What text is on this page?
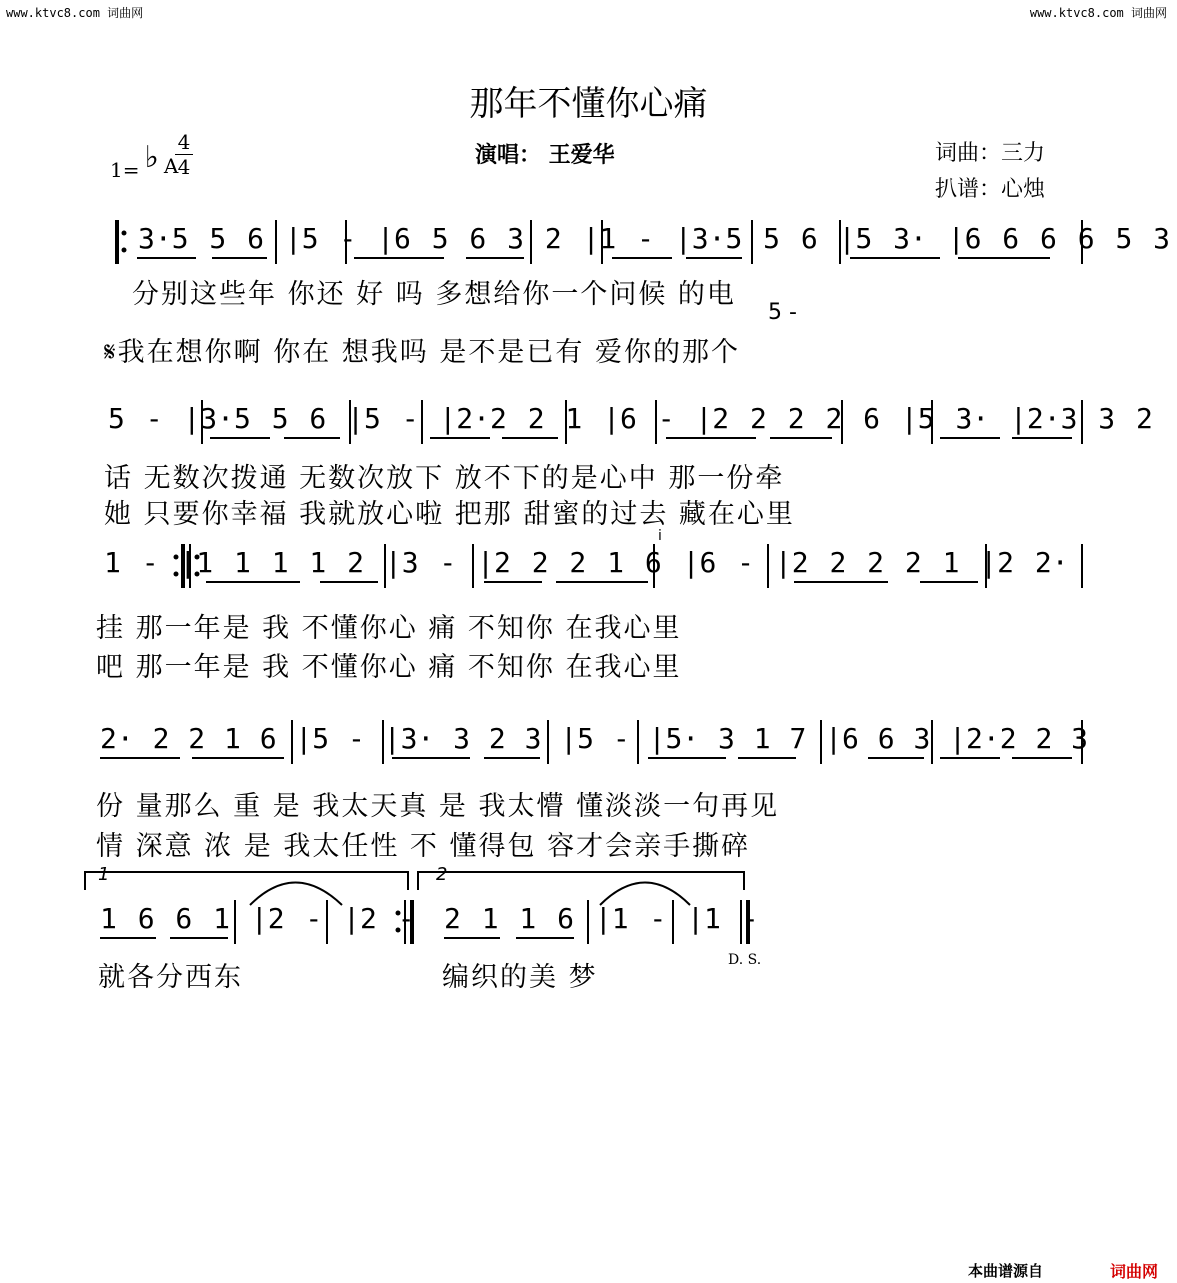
www.ktvc8.com 词曲网	www.ktvc8.com 词曲网
那年不懂你心痛
1= ♭ A
4
4	演唱： 王爱华	词曲：三力
扒谱：心烛
3·5 5 6 |5 - |6 5 6 3 2 |1 - |3·5 5 6 |5 3· |6 6 6 6 5 3
5 -
分别这些年 你还 好 吗 多想给你一个问候 的电
𝄋我在想你啊 你在 想我吗 是不是已有 爱你的那个
5 - |3·5 5 6 |5 - |2·2 2 1 |6 - |2 2 2 2 6 |5 3· |2·3 3 2
话 无数次拨通 无数次放下 放不下的是心中 那一份牵
她 只要你幸福 我就放心啦 把那 甜蜜的过去 藏在心里
1 - |1 1 1 1 2 |3 - |2 2 2 1 6 |6 - |2 2 2 2 1 |2 2·
i
挂 那一年是 我 不懂你心 痛 不知你 在我心里
吧 那一年是 我 不懂你心 痛 不知你 在我心里
2· 2 2 1 6 |5 - |3· 3 2 3 |5 - |5· 3 1 7 |6 6 3 |2·2 2 3
份 量那么 重 是 我太天真 是 我太懵 懂淡淡一句再见
情 深意 浓 是 我太任性 不 懂得包 容才会亲手撕碎
1	2
1 6 6 1 |2 - |2 - 2 1 1 6 |1 - |1 -
就各分西东	编织的美 梦
D. S.
本曲谱源自	词曲网
